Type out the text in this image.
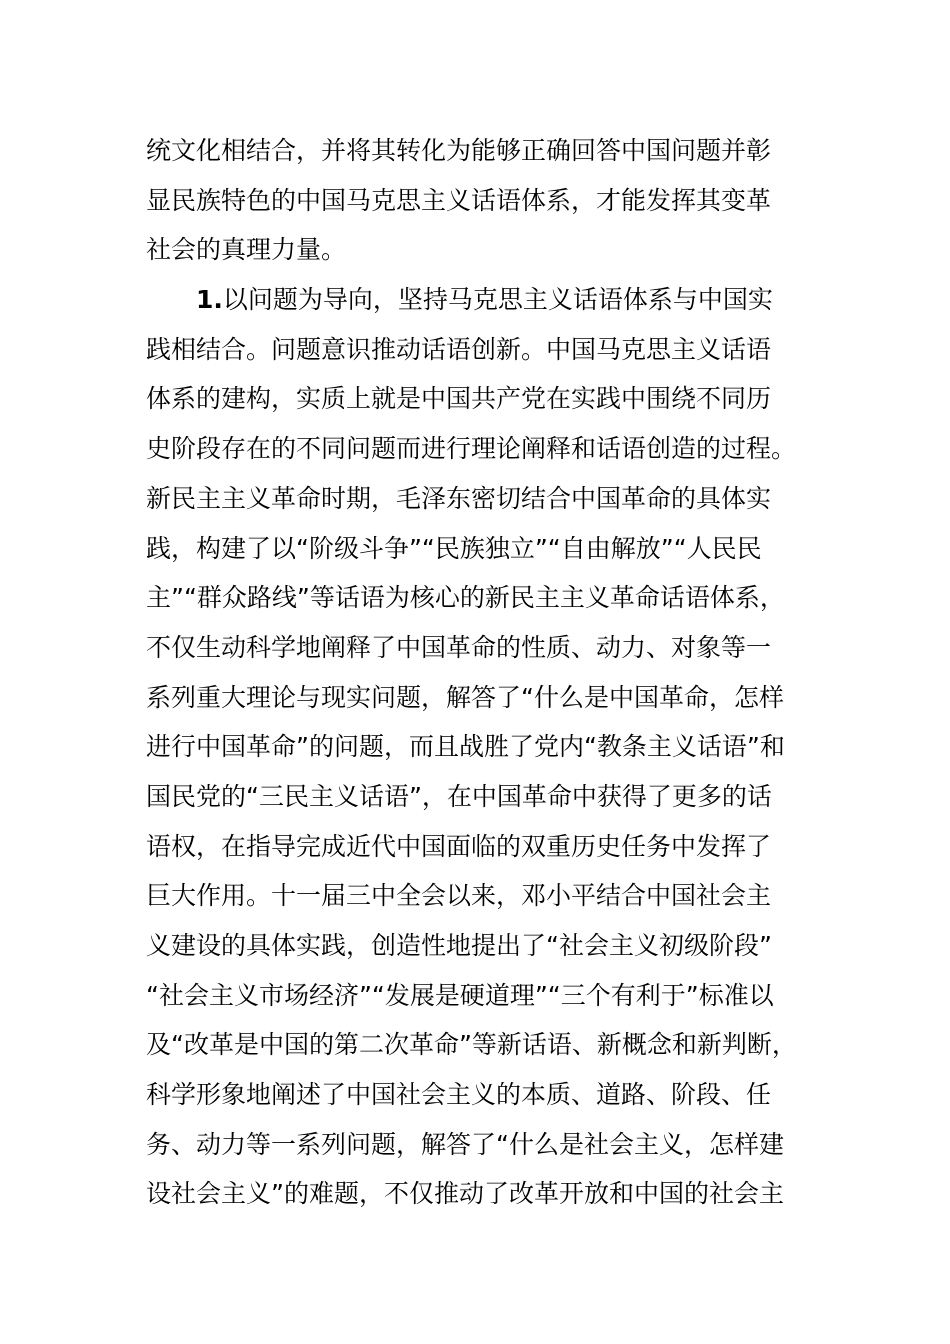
统文化相结合，并将其转化为能够正确回答中国问题并彰
显民族特色的中国马克思主义话语体系，才能发挥其变革
社会的真理力量。
1.以问题为导向，坚持马克思主义话语体系与中国实
践相结合。问题意识推动话语创新。中国马克思主义话语
体系的建构，实质上就是中国共产党在实践中围绕不同历
史阶段存在的不同问题而进行理论阐释和话语创造的过程。
新民主主义革命时期，毛泽东密切结合中国革命的具体实
践，构建了以“阶级斗争”“民族独立”“自由解放”“人民民
主”“群众路线”等话语为核心的新民主主义革命话语体系，
不仅生动科学地阐释了中国革命的性质、动力、对象等一
系列重大理论与现实问题，解答了“什么是中国革命，怎样
进行中国革命”的问题，而且战胜了党内“教条主义话语”和
国民党的“三民主义话语”，在中国革命中获得了更多的话
语权，在指导完成近代中国面临的双重历史任务中发挥了
巨大作用。十一届三中全会以来，邓小平结合中国社会主
义建设的具体实践，创造性地提出了“社会主义初级阶段”
“社会主义市场经济”“发展是硬道理”“三个有利于”标准以
及“改革是中国的第二次革命”等新话语、新概念和新判断，
科学形象地阐述了中国社会主义的本质、道路、阶段、任
务、动力等一系列问题，解答了“什么是社会主义，怎样建
设社会主义”的难题，不仅推动了改革开放和中国的社会主
